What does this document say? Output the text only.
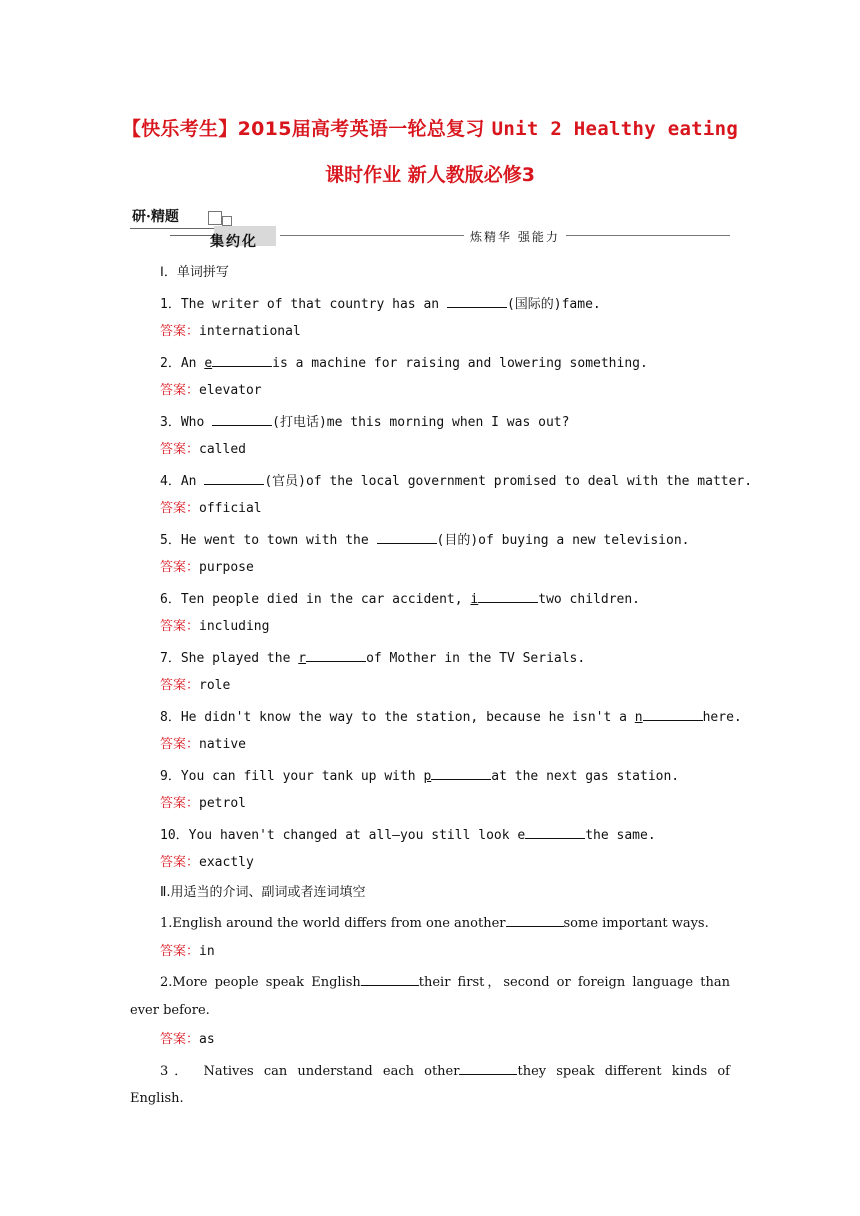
【快乐考生】2015届高考英语一轮总复习 Unit 2 Healthy eating
课时作业 新人教版必修3
研·精题
集约化	炼精华 强能力
Ⅰ．单词拼写
1．The writer of that country has an	(国际的)fame.
答案：international
2．An e	is a machine for raising and lowering something.
答案：elevator
3．Who	(打电话)me this morning when I was out?
答案：called
4．An	(官员)of the local government promised to deal with the matter.
答案：official
5．He went to town with the	(目的)of buying a new television.
答案：purpose
6．Ten people died in the car accident, i	two children.
答案：including
7．She played the r	of Mother in the TV Serials.
答案：role
8．He didn't know the way to the station, because he isn't a n	here.
答案：native
9．You can fill your tank up with p	at the next gas station.
答案：petrol
10．You haven't changed at all—you still look e	the same.
答案：exactly
Ⅱ.用适当的介词、副词或者连词填空
1.English around the world differs from one another	some important ways.
答案：in
2.More people speak English	their first，second or foreign language than
ever before.
答案：as
3． Natives can understand each other	they speak different kinds of
English.
